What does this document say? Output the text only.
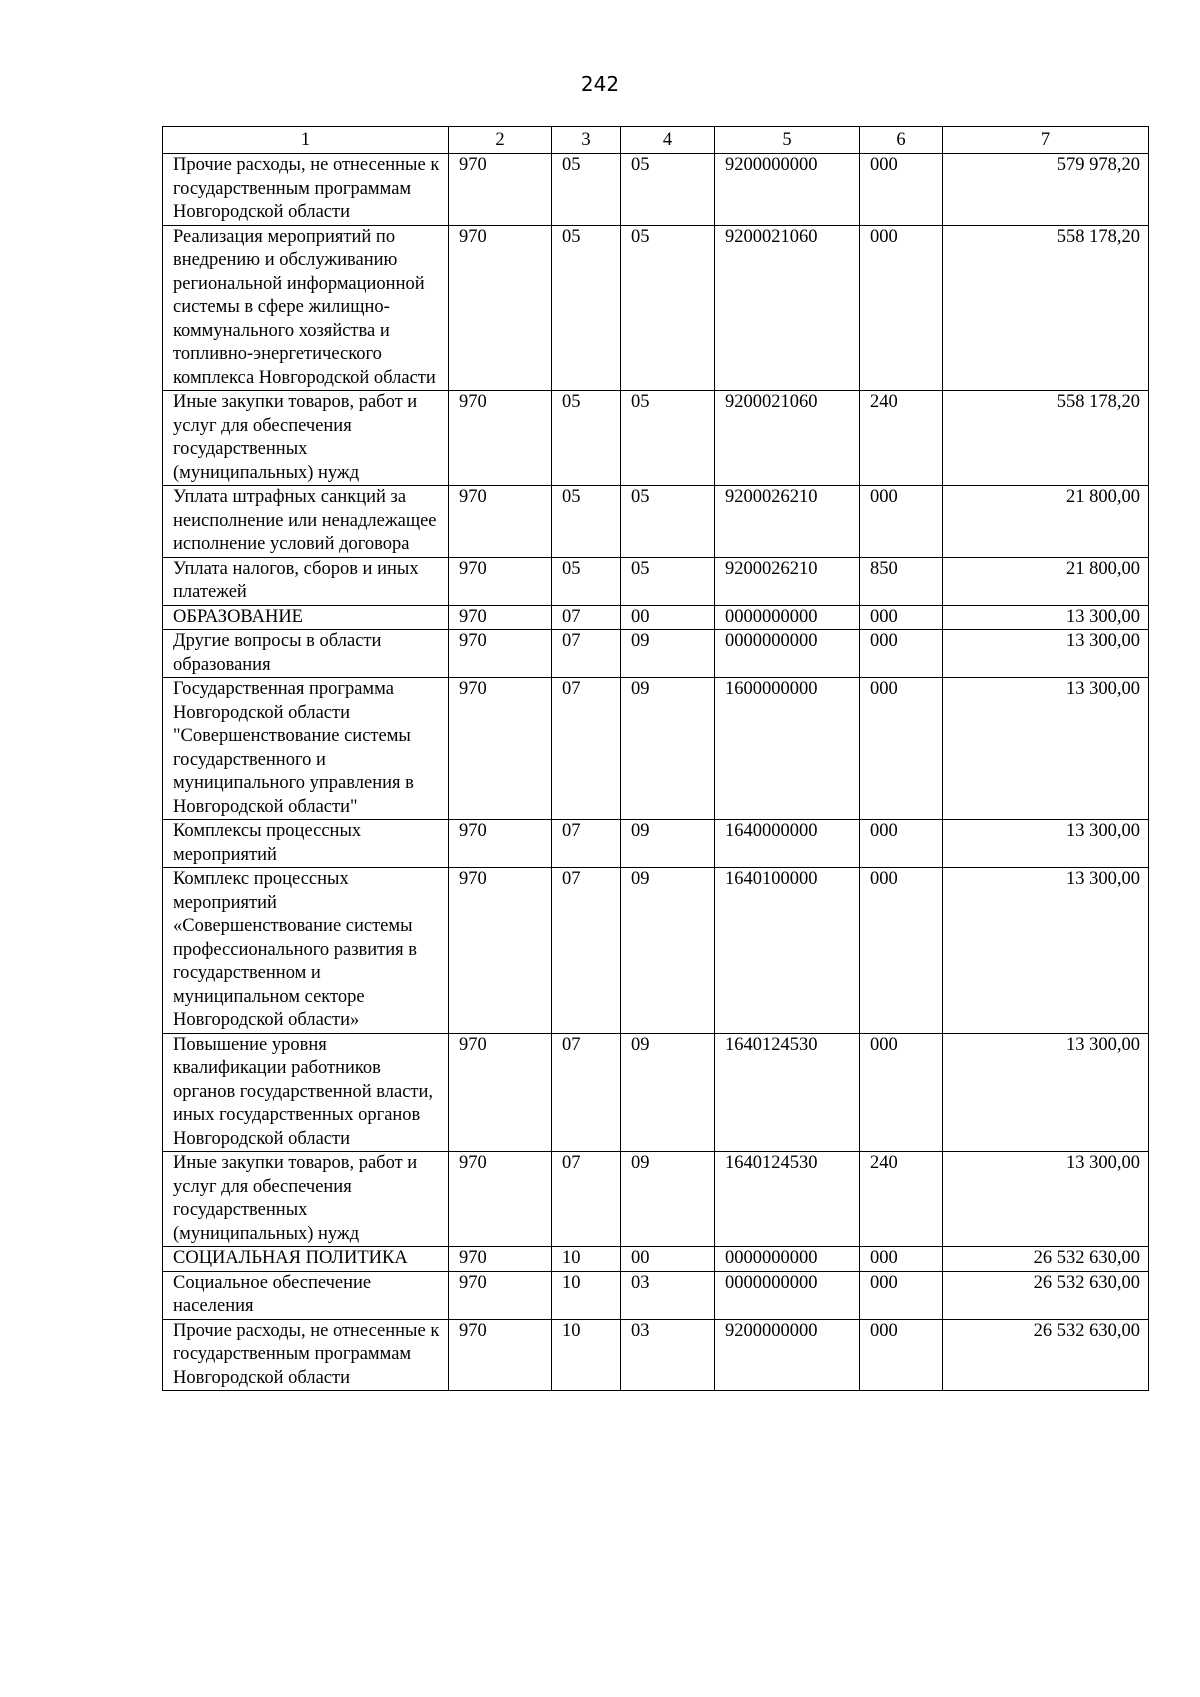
242
1	2	3	4	5	6	7
Прочие расходы, не отнесенные к государственным программам Новгородской области	970	05	05	9200000000	000	579 978,20
Реализация мероприятий по внедрению и обслуживанию региональной информационной системы в сфере жилищно-коммунального хозяйства и топливно-энергетического комплекса Новгородской области	970	05	05	9200021060	000	558 178,20
Иные закупки товаров, работ и услуг для обеспечения государственных (муниципальных) нужд	970	05	05	9200021060	240	558 178,20
Уплата штрафных санкций за неисполнение или ненадлежащее исполнение условий договора	970	05	05	9200026210	000	21 800,00
Уплата налогов, сборов и иных платежей	970	05	05	9200026210	850	21 800,00
ОБРАЗОВАНИЕ	970	07	00	0000000000	000	13 300,00
Другие вопросы в области образования	970	07	09	0000000000	000	13 300,00
Государственная программа Новгородской области "Совершенствование системы государственного и муниципального управления в Новгородской области"	970	07	09	1600000000	000	13 300,00
Комплексы процессных мероприятий	970	07	09	1640000000	000	13 300,00
Комплекс процессных мероприятий «Совершенствование системы профессионального развития в государственном и муниципальном секторе Новгородской области»	970	07	09	1640100000	000	13 300,00
Повышение уровня квалификации работников органов государственной власти, иных государственных органов Новгородской области	970	07	09	1640124530	000	13 300,00
Иные закупки товаров, работ и услуг для обеспечения государственных (муниципальных) нужд	970	07	09	1640124530	240	13 300,00
СОЦИАЛЬНАЯ ПОЛИТИКА	970	10	00	0000000000	000	26 532 630,00
Социальное обеспечение населения	970	10	03	0000000000	000	26 532 630,00
Прочие расходы, не отнесенные к государственным программам Новгородской области	970	10	03	9200000000	000	26 532 630,00
